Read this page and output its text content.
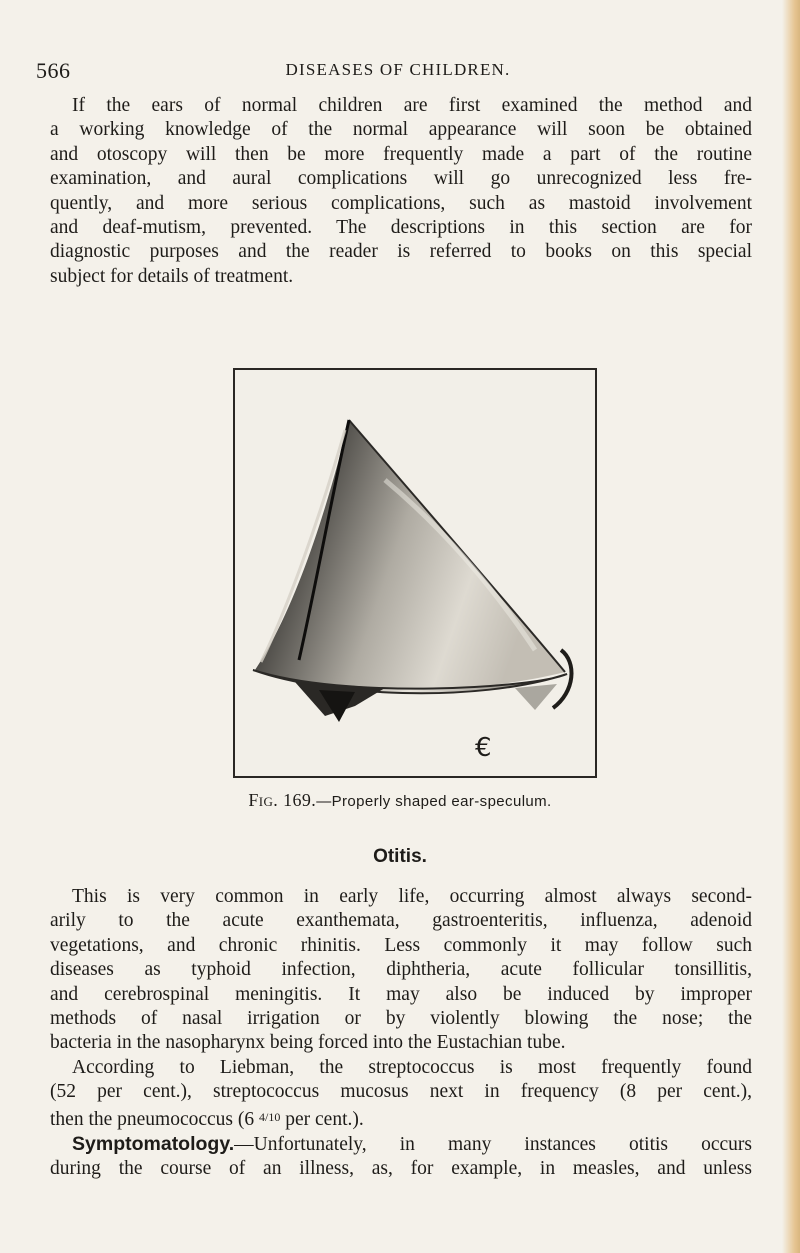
566	DISEASES OF CHILDREN.
If the ears of normal children are first examined the method and
a working knowledge of the normal appearance will soon be obtained
and otoscopy will then be more frequently made a part of the routine
examination, and aural complications will go unrecognized less fre-
quently, and more serious complications, such as mastoid involvement
and deaf-mutism, prevented. The descriptions in this section are for
diagnostic purposes and the reader is referred to books on this special
subject for details of treatment.
€
Fig. 169.—Properly shaped ear-speculum.
Otitis.
This is very common in early life, occurring almost always second-
arily to the acute exanthemata, gastroenteritis, influenza, adenoid
vegetations, and chronic rhinitis. Less commonly it may follow such
diseases as typhoid infection, diphtheria, acute follicular tonsillitis,
and cerebrospinal meningitis. It may also be induced by improper
methods of nasal irrigation or by violently blowing the nose; the
bacteria in the nasopharynx being forced into the Eustachian tube.
According to Liebman, the streptococcus is most frequently found
(52 per cent.), streptococcus mucosus next in frequency (8 per cent.),
then the pneumococcus (6 $^{4/10}$ per cent.).
Symptomatology.—Unfortunately, in many instances otitis occurs
during the course of an illness, as, for example, in measles, and unless
